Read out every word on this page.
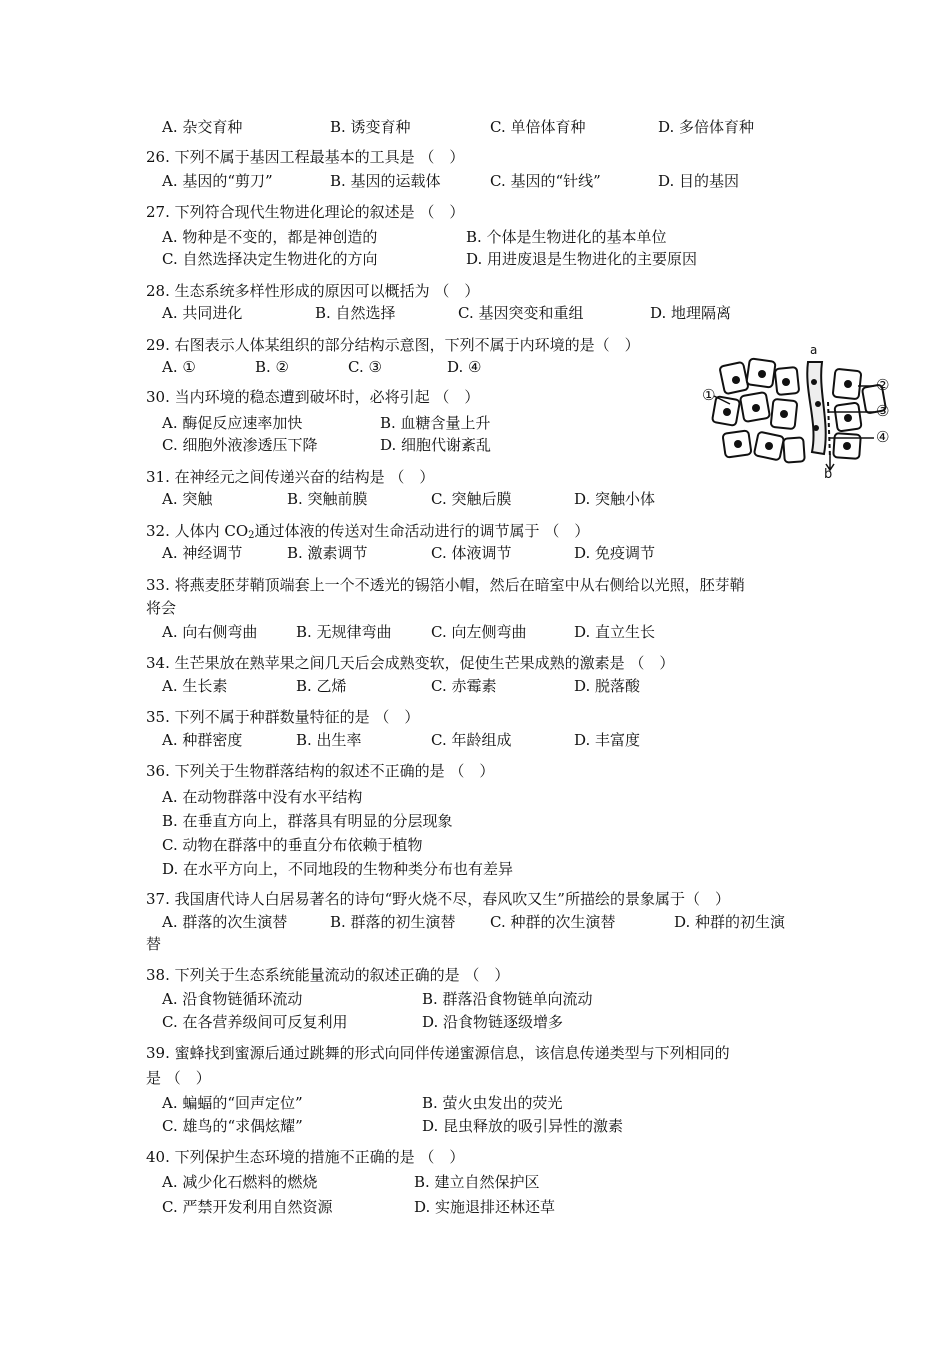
A. 杂交育种	B. 诱变育种	C. 单倍体育种	D. 多倍体育种
26. 下列不属于基因工程最基本的工具是 （　）
A. 基因的“剪刀”	B. 基因的运载体	C. 基因的“针线”	D. 目的基因
27. 下列符合现代生物进化理论的叙述是 （　）
A. 物种是不变的，都是神创造的	B. 个体是生物进化的基本单位
C. 自然选择决定生物进化的方向	D. 用进废退是生物进化的主要原因
28. 生态系统多样性形成的原因可以概括为 （　）
A. 共同进化	B. 自然选择	C. 基因突变和重组	D. 地理隔离
29. 右图表示人体某组织的部分结构示意图，下列不属于内环境的是（　）
A. ①	B. ②	C. ③	D. ④
①
②
③
④
a
b
30. 当内环境的稳态遭到破坏时，必将引起 （　）
A. 酶促反应速率加快	B. 血糖含量上升
C. 细胞外液渗透压下降	D. 细胞代谢紊乱
31. 在神经元之间传递兴奋的结构是 （　）
A. 突触	B. 突触前膜	C. 突触后膜	D. 突触小体
32. 人体内 $CO_2$通过体液的传送对生命活动进行的调节属于 （　）
A. 神经调节	B. 激素调节	C. 体液调节	D. 免疫调节
33. 将燕麦胚芽鞘顶端套上一个不透光的锡箔小帽，然后在暗室中从右侧给以光照，胚芽鞘
将会
A. 向右侧弯曲	B. 无规律弯曲	C. 向左侧弯曲	D. 直立生长
34. 生芒果放在熟苹果之间几天后会成熟变软，促使生芒果成熟的激素是 （　）
A. 生长素	B. 乙烯	C. 赤霉素	D. 脱落酸
35. 下列不属于种群数量特征的是 （　）
A. 种群密度	B. 出生率	C. 年龄组成	D. 丰富度
36. 下列关于生物群落结构的叙述不正确的是 （　）
A. 在动物群落中没有水平结构
B. 在垂直方向上，群落具有明显的分层现象
C. 动物在群落中的垂直分布依赖于植物
D. 在水平方向上，不同地段的生物种类分布也有差异
37. 我国唐代诗人白居易著名的诗句“野火烧不尽，春风吹又生”所描绘的景象属于（　）
A. 群落的次生演替	B. 群落的初生演替 C. 种群的次生演替	D. 种群的初生演
替
38. 下列关于生态系统能量流动的叙述正确的是 （　）
A. 沿食物链循环流动	B. 群落沿食物链单向流动
C. 在各营养级间可反复利用	D. 沿食物链逐级增多
39. 蜜蜂找到蜜源后通过跳舞的形式向同伴传递蜜源信息，该信息传递类型与下列相同的
是 （　）
A. 蝙蝠的“回声定位”	B. 萤火虫发出的荧光
C. 雄鸟的“求偶炫耀”	D. 昆虫释放的吸引异性的激素
40. 下列保护生态环境的措施不正确的是 （　）
A. 减少化石燃料的燃烧	B. 建立自然保护区
C. 严禁开发利用自然资源	D. 实施退排还林还草
